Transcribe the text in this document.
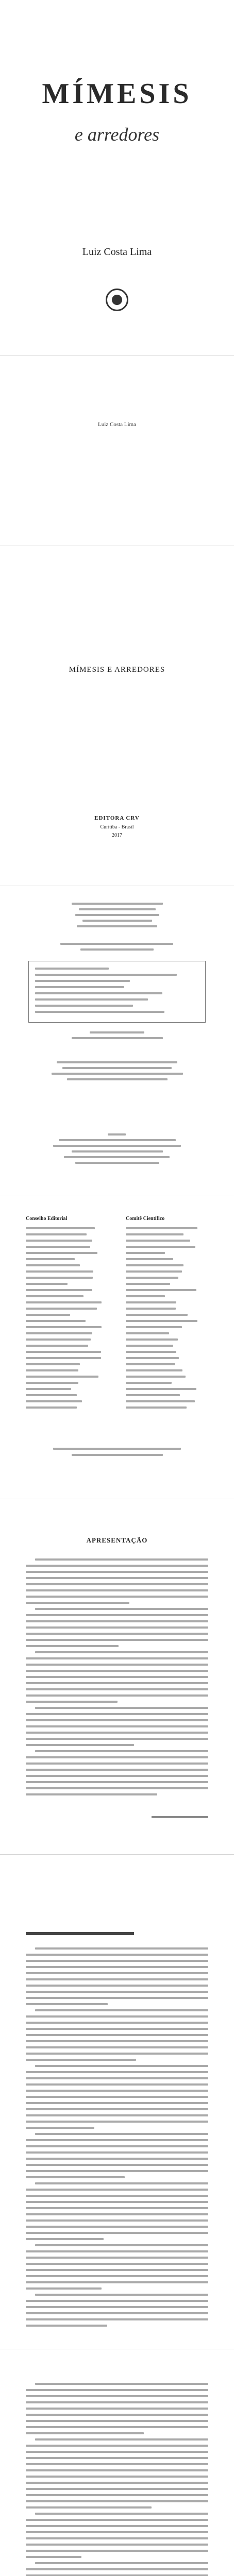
MÍMESIS
e arredores
Luiz Costa Lima
Luiz Costa Lima
MÍMESIS E ARREDORES
EDITORA CRV
Curitiba - Brasil
2017
Conselho Editorial	Comitê Científico
APRESENTAÇÃO
